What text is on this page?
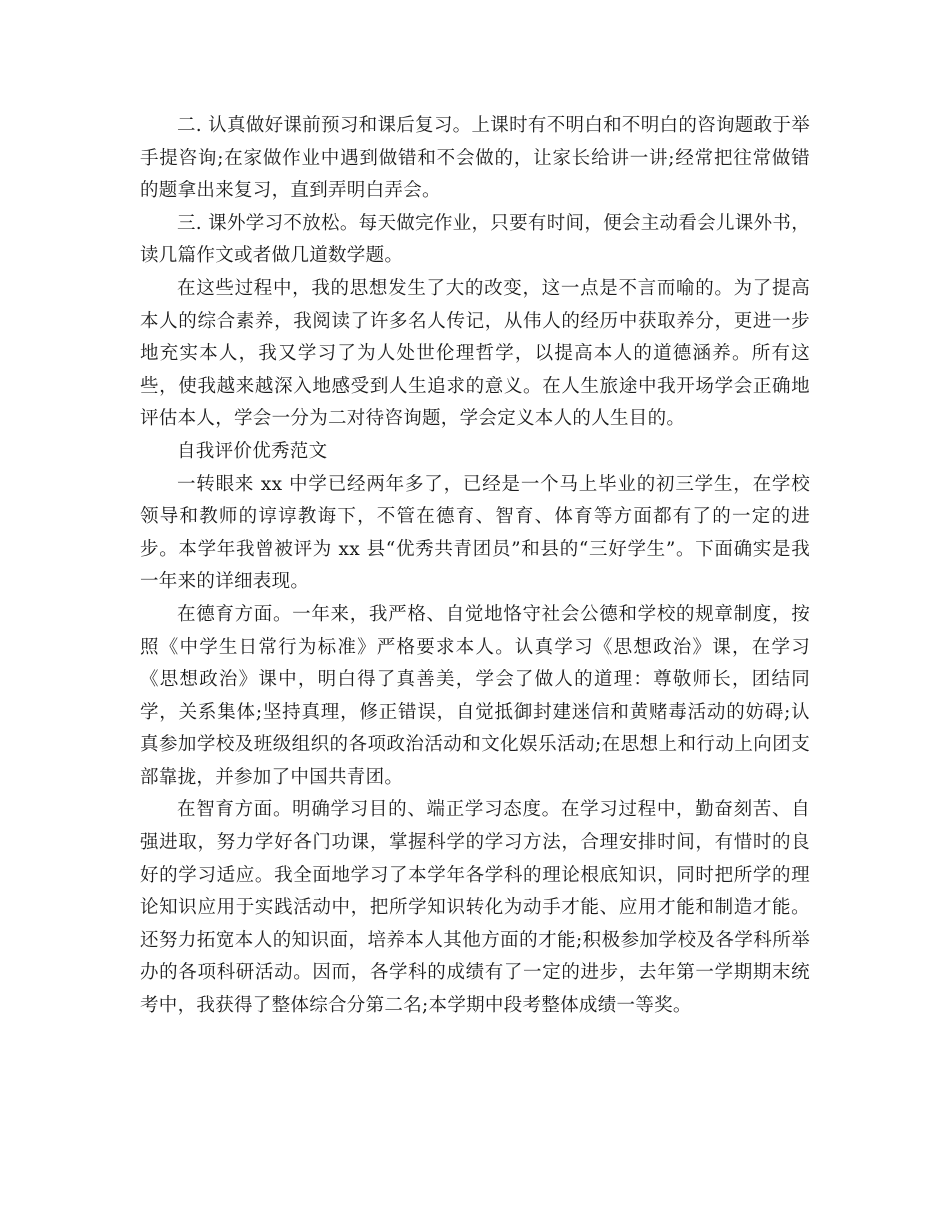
二. 认真做好课前预习和课后复习。上课时有不明白和不明白的咨询题敢于举手提咨询;在家做作业中遇到做错和不会做的，让家长给讲一讲;经常把往常做错的题拿出来复习，直到弄明白弄会。

三. 课外学习不放松。每天做完作业，只要有时间，便会主动看会儿课外书，读几篇作文或者做几道数学题。

在这些过程中，我的思想发生了大的改变，这一点是不言而喻的。为了提高本人的综合素养，我阅读了许多名人传记，从伟人的经历中获取养分，更进一步地充实本人，我又学习了为人处世伦理哲学，以提高本人的道德涵养。所有这些，使我越来越深入地感受到人生追求的意义。在人生旅途中我开场学会正确地评估本人，学会一分为二对待咨询题，学会定义本人的人生目的。

自我评价优秀范文

一转眼来 xx 中学已经两年多了，已经是一个马上毕业的初三学生，在学校领导和教师的谆谆教诲下，不管在德育、智育、体育等方面都有了的一定的进步。本学年我曾被评为 xx 县“优秀共青团员”和县的“三好学生”。下面确实是我一年来的详细表现。

在德育方面。一年来，我严格、自觉地恪守社会公德和学校的规章制度，按照《中学生日常行为标准》严格要求本人。认真学习《思想政治》课，在学习《思想政治》课中，明白得了真善美，学会了做人的道理：尊敬师长，团结同学，关系集体;坚持真理，修正错误，自觉抵御封建迷信和黄赌毒活动的妨碍;认真参加学校及班级组织的各项政治活动和文化娱乐活动;在思想上和行动上向团支部靠拢，并参加了中国共青团。

在智育方面。明确学习目的、端正学习态度。在学习过程中，勤奋刻苦、自强进取，努力学好各门功课，掌握科学的学习方法，合理安排时间，有惜时的良好的学习适应。我全面地学习了本学年各学科的理论根底知识，同时把所学的理论知识应用于实践活动中，把所学知识转化为动手才能、应用才能和制造才能。还努力拓宽本人的知识面，培养本人其他方面的才能;积极参加学校及各学科所举办的各项科研活动。因而，各学科的成绩有了一定的进步，去年第一学期期末统考中，我获得了整体综合分第二名;本学期中段考整体成绩一等奖。
